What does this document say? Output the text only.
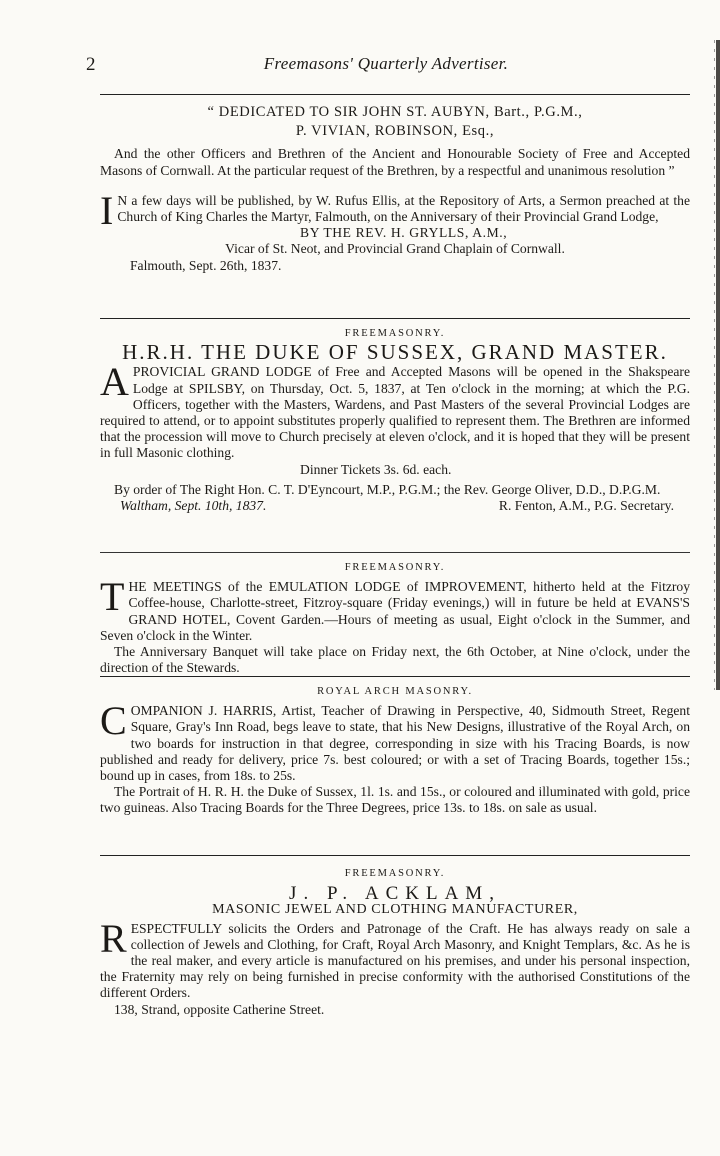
2	Freemasons' Quarterly Advertiser.
“ DEDICATED TO SIR JOHN ST. AUBYN, Bart., P.G.M.,
P. VIVIAN, ROBINSON, Esq.,
And the other Officers and Brethren of the Ancient and Honourable Society of Free and Accepted Masons of Cornwall. At the particular request of the Brethren, by a respectful and unanimous resolution ”
I N a few days will be published, by W. Rufus Ellis, at the Repository of Arts, a Sermon preached at the Church of King Charles the Martyr, Falmouth, on the Anniversary of their Provincial Grand Lodge,
BY THE REV. H. GRYLLS, A.M.,
Vicar of St. Neot, and Provincial Grand Chaplain of Cornwall.
Falmouth, Sept. 26th, 1837.
FREEMASONRY.
H.R.H. THE DUKE OF SUSSEX, GRAND MASTER.
APROVICIAL GRAND LODGE of Free and Accepted Masons will be opened in the Shakspeare Lodge at SPILSBY, on Thursday, Oct. 5, 1837, at Ten o'clock in the morning; at which the P.G. Officers, together with the Masters, Wardens, and Past Masters of the several Provincial Lodges are required to attend, or to appoint substitutes properly qualified to represent them. The Brethren are informed that the procession will move to Church precisely at eleven o'clock, and it is hoped that they will be present in full Masonic clothing.
Dinner Tickets 3s. 6d. each.
By order of The Right Hon. C. T. D'Eyncourt, M.P., P.G.M.; the Rev. George Oliver, D.D., D.P.G.M.
Waltham, Sept. 10th, 1837.	R. Fenton, A.M., P.G. Secretary.
FREEMASONRY.
THE MEETINGS of the EMULATION LODGE of IMPROVEMENT, hitherto held at the Fitzroy Coffee-house, Charlotte-street, Fitzroy-square (Friday evenings,) will in future be held at EVANS'S GRAND HOTEL, Covent Garden.—Hours of meeting as usual, Eight o'clock in the Summer, and Seven o'clock in the Winter.
The Anniversary Banquet will take place on Friday next, the 6th October, at Nine o'clock, under the direction of the Stewards.
ROYAL ARCH MASONRY.
COMPANION J. HARRIS, Artist, Teacher of Drawing in Perspective, 40, Sidmouth Street, Regent Square, Gray's Inn Road, begs leave to state, that his New Designs, illustrative of the Royal Arch, on two boards for instruction in that degree, corresponding in size with his Tracing Boards, is now published and ready for delivery, price 7s. best coloured; or with a set of Tracing Boards, together 15s.; bound up in cases, from 18s. to 25s.
The Portrait of H. R. H. the Duke of Sussex, 1l. 1s. and 15s., or coloured and illuminated with gold, price two guineas. Also Tracing Boards for the Three Degrees, price 13s. to 18s. on sale as usual.
FREEMASONRY.
J. P. ACKLAM,
MASONIC JEWEL AND CLOTHING MANUFACTURER,
RESPECTFULLY solicits the Orders and Patronage of the Craft. He has always ready on sale a collection of Jewels and Clothing, for Craft, Royal Arch Masonry, and Knight Templars, &c. As he is the real maker, and every article is manufactured on his premises, and under his personal inspection, the Fraternity may rely on being furnished in precise conformity with the authorised Constitutions of the different Orders.
138, Strand, opposite Catherine Street.
